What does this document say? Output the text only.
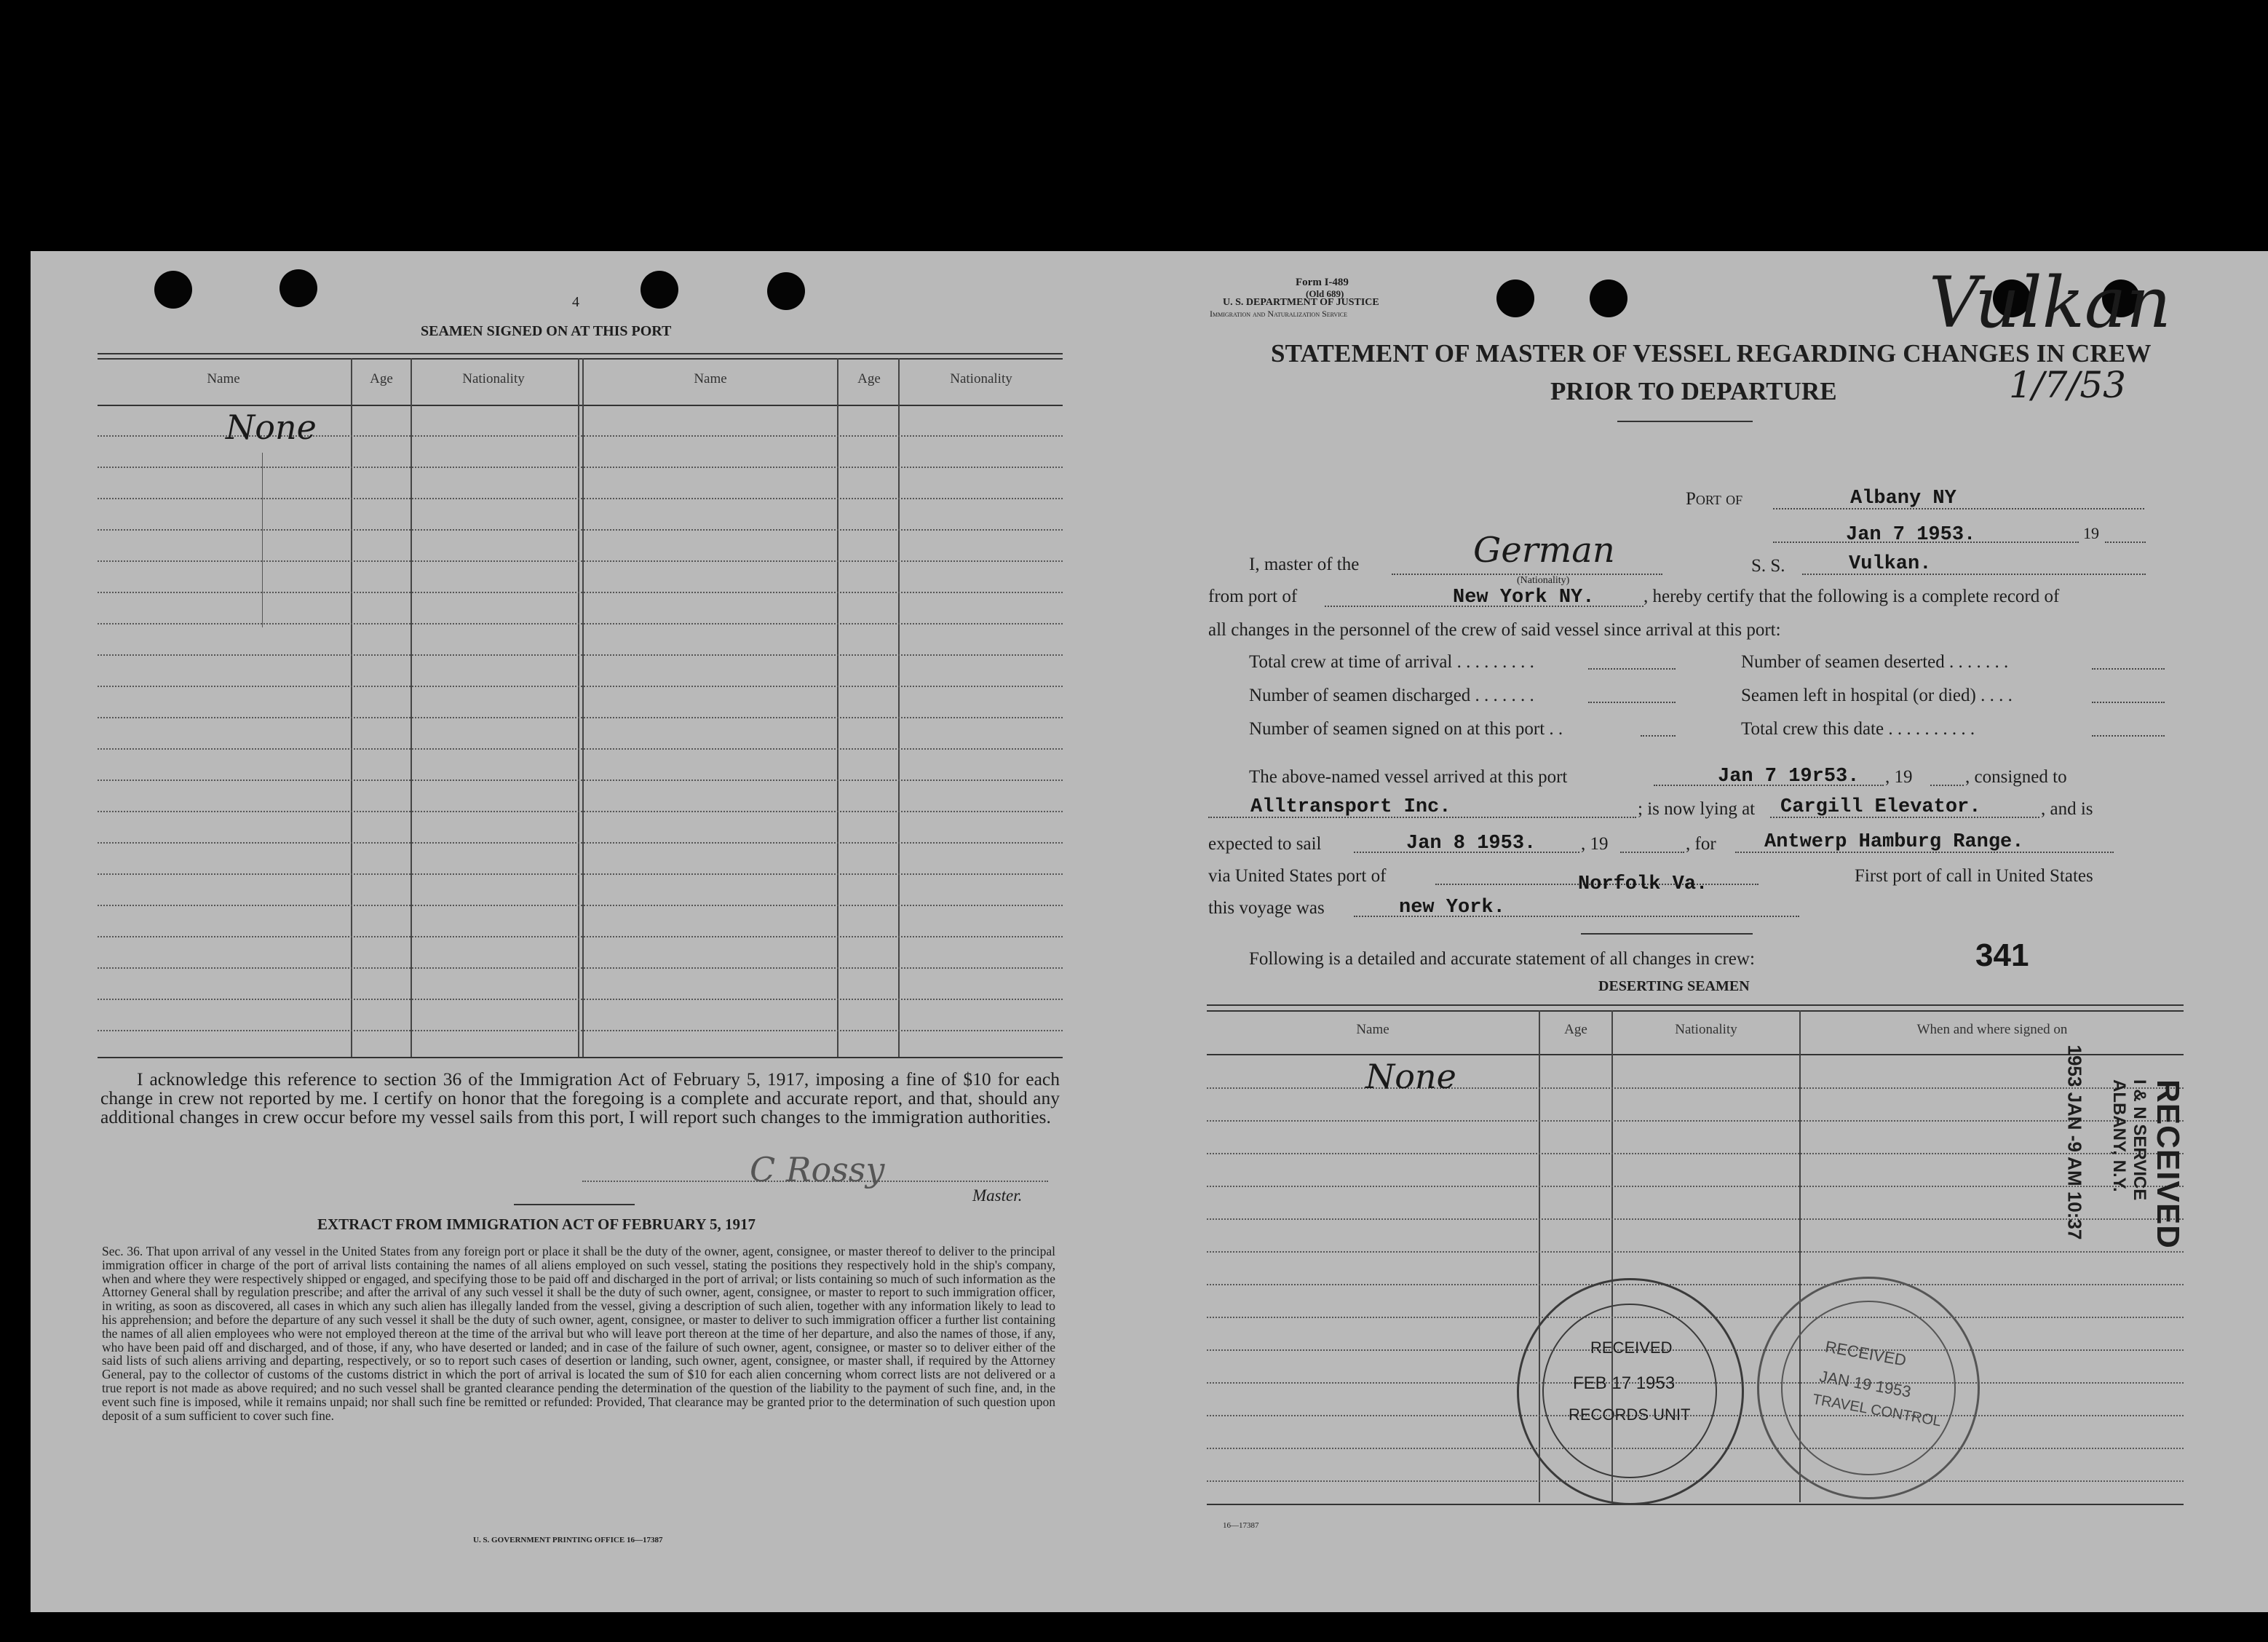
4
SEAMEN SIGNED ON AT THIS PORT
Name	Age	Nationality	Name	Age	Nationality
None
I acknowledge this reference to section 36 of the Immigration Act of February 5, 1917, imposing a fine of $10 for each change in crew not reported by me. I certify on honor that the foregoing is a complete and accurate report, and that, should any additional changes in crew occur before my vessel sails from this port, I will report such changes to the immigration authorities.
C Rossy
Master.
EXTRACT FROM IMMIGRATION ACT OF FEBRUARY 5, 1917
Sec. 36. That upon arrival of any vessel in the United States from any foreign port or place it shall be the duty of the owner, agent, consignee, or master thereof to deliver to the principal immigration officer in charge of the port of arrival lists containing the names of all aliens employed on such vessel, stating the positions they respectively hold in the ship's company, when and where they were respectively shipped or engaged, and specifying those to be paid off and discharged in the port of arrival; or lists containing so much of such information as the Attorney General shall by regulation prescribe; and after the arrival of any such vessel it shall be the duty of such owner, agent, consignee, or master to report to such immigration officer, in writing, as soon as discovered, all cases in which any such alien has illegally landed from the vessel, giving a description of such alien, together with any information likely to lead to his apprehension; and before the departure of any such vessel it shall be the duty of such owner, agent, consignee, or master to deliver to such immigration officer a further list containing the names of all alien employees who were not employed thereon at the time of the arrival but who will leave port thereon at the time of her departure, and also the names of those, if any, who have been paid off and discharged, and of those, if any, who have deserted or landed; and in case of the failure of such owner, agent, consignee, or master so to deliver either of the said lists of such aliens arriving and departing, respectively, or so to report such cases of desertion or landing, such owner, agent, consignee, or master shall, if required by the Attorney General, pay to the collector of customs of the customs district in which the port of arrival is located the sum of $10 for each alien concerning whom correct lists are not delivered or a true report is not made as above required; and no such vessel shall be granted clearance pending the determination of the question of the liability to the payment of such fine, and, in the event such fine is imposed, while it remains unpaid; nor shall such fine be remitted or refunded: Provided, That clearance may be granted prior to the determination of such question upon deposit of a sum sufficient to cover such fine.
U. S. GOVERNMENT PRINTING OFFICE 16—17387
Form I-489
(Old 689)
U. S. DEPARTMENT OF JUSTICE
Immigration and Naturalization Service	Vulkan
1/7/53
STATEMENT OF MASTER OF VESSEL REGARDING CHANGES IN CREW
PRIOR TO DEPARTURE
Port of	Albany NY
Jan 7 1953.	19
I, master of the	German
(Nationality)
S. S.	Vulkan.
from port of	New York NY.	, hereby certify that the following is a complete record of
all changes in the personnel of the crew of said vessel since arrival at this port:
Total crew at time of arrival . . . . . . . . .	Number of seamen deserted . . . . . . .
Number of seamen discharged . . . . . . .	Seamen left in hospital (or died) . . . .
Number of seamen signed on at this port . .	Total crew this date . . . . . . . . . .
The above-named vessel arrived at this port	Jan 7 19r53. , 19	, consigned to
Alltransport Inc.	; is now lying at Cargill Elevator.	, and is
expected to sail	Jan 8 1953. , 19	, for Antwerp Hamburg Range.
via United States port of	Norfolk Va.	First port of call in United States
this voyage was	new York.
Following is a detailed and accurate statement of all changes in crew:	341
DESERTING SEAMEN
Name	Age	Nationality	When and where signed on
None
16—17387
RECEIVED
I & N SERVICE
ALBANY, N.Y.
1953 JAN -9 AM 10:37
RECEIVED
FEB 17 1953
RECORDS UNIT
RECEIVED
JAN 19 1953
TRAVEL CONTROL
